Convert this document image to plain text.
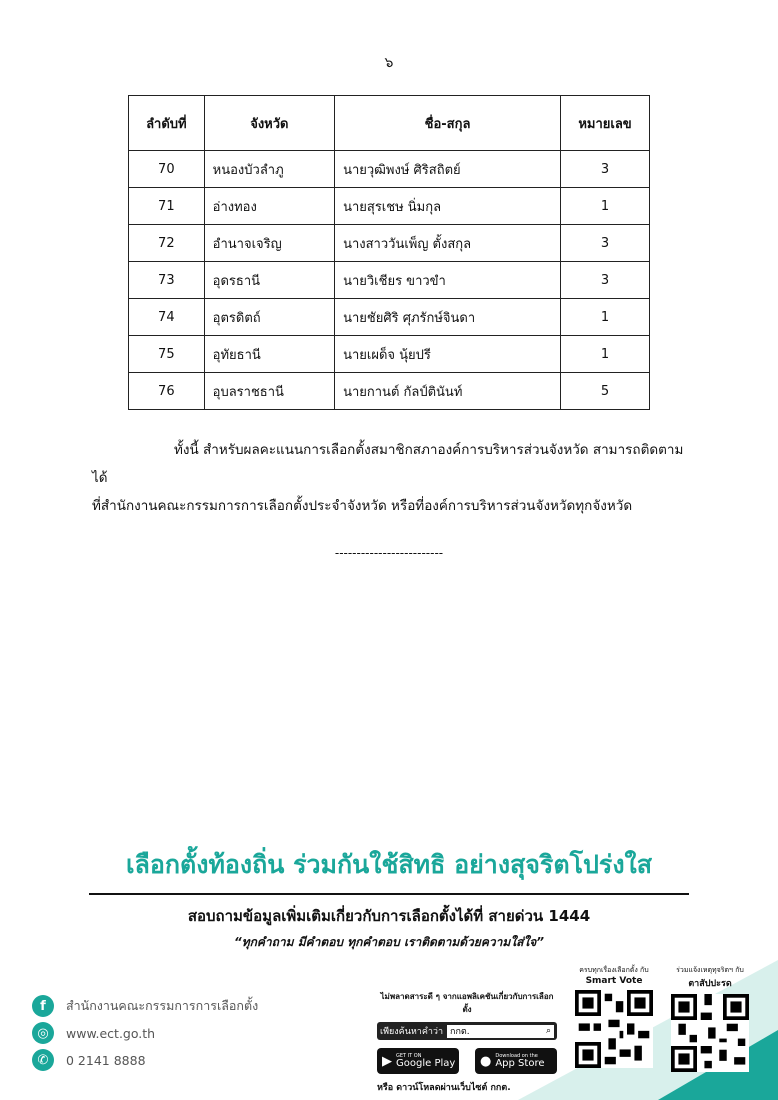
๖
ลำดับที่	จังหวัด	ชื่อ-สกุล	หมายเลข
70	หนองบัวลำภู	นายวุฒิพงษ์ ศิริสถิตย์	3
71	อ่างทอง	นายสุรเชษ นิ่มกุล	1
72	อำนาจเจริญ	นางสาววันเพ็ญ ตั้งสกุล	3
73	อุดรธานี	นายวิเชียร ขาวขำ	3
74	อุตรดิตถ์	นายชัยศิริ ศุภรักษ์จินดา	1
75	อุทัยธานี	นายเผด็จ นุ้ยปรี	1
76	อุบลราชธานี	นายกานต์ กัลป์ตินันท์	5
ทั้งนี้ สำหรับผลคะแนนการเลือกตั้งสมาชิกสภาองค์การบริหารส่วนจังหวัด สามารถติดตามได้
ที่สำนักงานคณะกรรมการการเลือกตั้งประจำจังหวัด หรือที่องค์การบริหารส่วนจังหวัดทุกจังหวัด
-------------------------
เลือกตั้งท้องถิ่น ร่วมกันใช้สิทธิ อย่างสุจริตโปร่งใส
สอบถามข้อมูลเพิ่มเติมเกี่ยวกับการเลือกตั้งได้ที่ สายด่วน 1444
“ทุกคำถาม มีคำตอบ ทุกคำตอบ เราติดตามด้วยความใส่ใจ”
f	สำนักงานคณะกรรมการการเลือกตั้ง
◎	www.ect.go.th
✆	0 2141 8888
ไม่พลาดสาระดี ๆ จากแอพลิเคชันเกี่ยวกับการเลือกตั้ง
เพียงค้นหาคำว่า กกต.	⌕
▶ GET IT ON
Google Play ● Download on the
App Store
หรือ ดาวน์โหลดผ่านเว็บไซต์ กกต.
ครบทุกเรื่องเลือกตั้ง กับ
Smart Vote
ร่วมแจ้งเหตุทุจริตฯ กับ
ตาสัปปะรด
